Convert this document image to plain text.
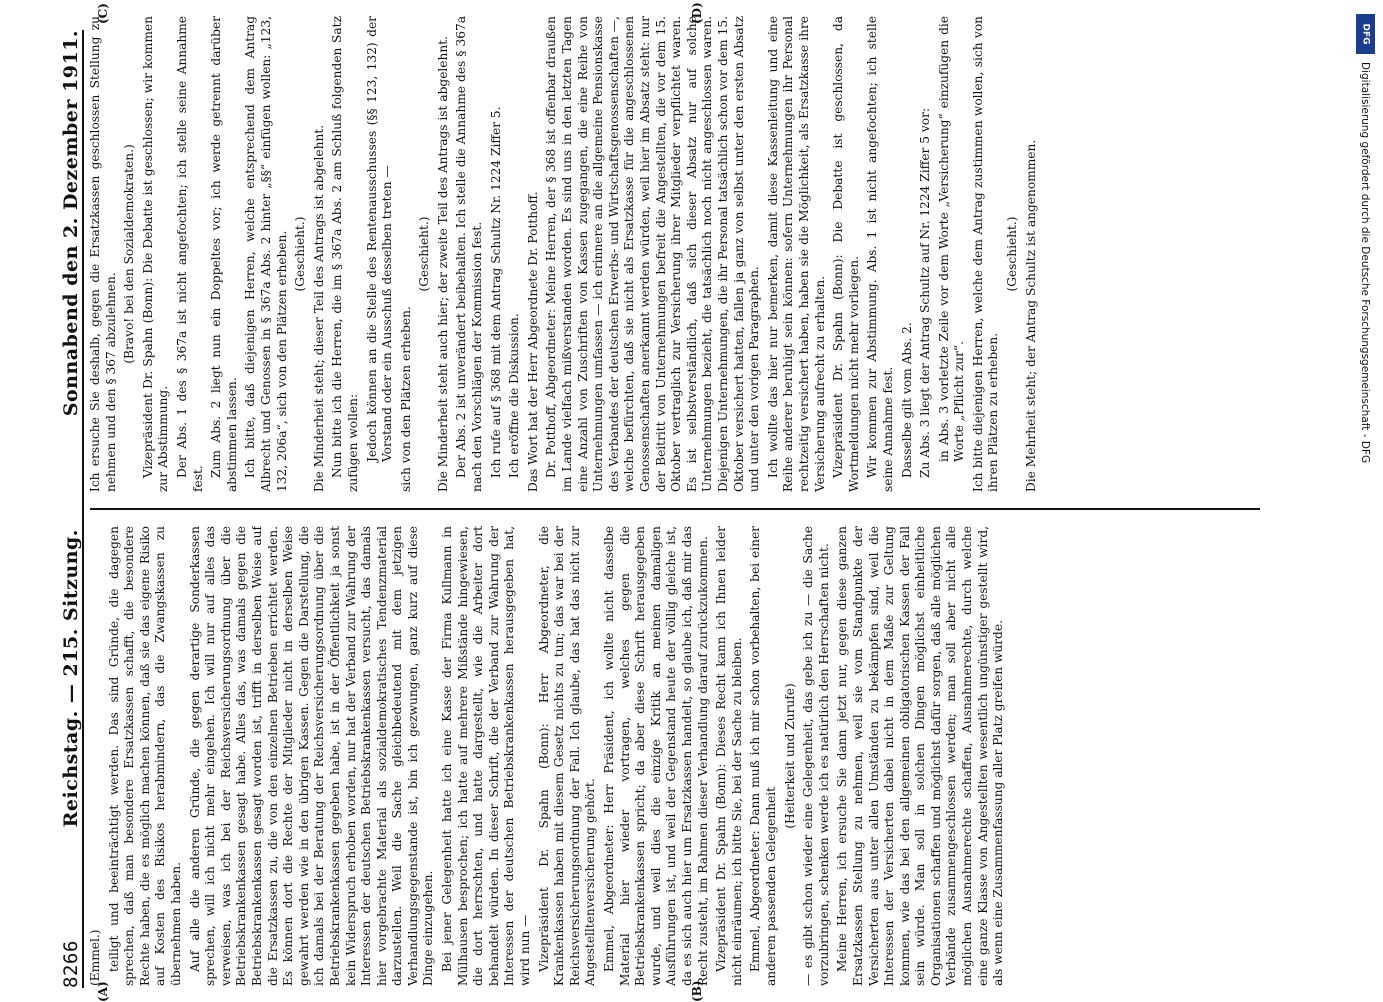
8266
Reichstag. — 215. Sitzung.
Sonnabend den 2. Dezember 1911.
(A)	(B)
(C)	(D)

(Emmel.) teiligt und beeinträchtigt werden. Das sind Gründe, die dagegen sprechen, daß man besondere Ersatzkassen schafft, die besondere Rechte haben, die es möglich machen können, daß sie das eigene Risiko auf Kosten des Risikos herabmindern, das die Zwangskassen zu übernehmen haben. Auf alle die anderen Gründe, die gegen derartige Sonderkassen sprechen, will ich nicht mehr eingehen. Ich will nur auf alles das verweisen, was ich bei der Reichsversicherungsordnung über die Betriebskrankenkassen gesagt habe. Alles das, was damals gegen die Betriebskrankenkassen gesagt worden ist, trifft in derselben Weise auf die Ersatzkassen zu, die von den einzelnen Betrieben errichtet werden. Es können dort die Rechte der Mitglieder nicht in derselben Weise gewahrt werden wie in den übrigen Kassen. Gegen die Darstellung, die ich damals bei der Beratung der Reichsversicherungsordnung über die Betriebskrankenkassen gegeben habe, ist in der Öffentlichkeit ja sonst kein Widerspruch erhoben worden, nur hat der Verband zur Wahrung der Interessen der deutschen Betriebskrankenkassen versucht, das damals hier vorgebrachte Material als sozialdemokratisches Tendenzmaterial darzustellen. Weil die Sache gleichbedeutend mit dem jetzigen Verhandlungsgegenstande ist, bin ich gezwungen, ganz kurz auf diese Dinge einzugehen. Bei jener Gelegenheit hatte ich eine Kasse der Firma Kullmann in Mülhausen besprochen; ich hatte auf mehrere Mißstände hingewiesen, die dort herrschten, und hatte dargestellt, wie die Arbeiter dort behandelt würden. In dieser Schrift, die der Verband zur Wahrung der Interessen der deutschen Betriebskrankenkassen herausgegeben hat, wird nun — Vizepräsident Dr. Spahn (Bonn): Herr Abgeordneter, die Krankenkassen haben mit diesem Gesetz nichts zu tun; das war bei der Reichsversicherungsordnung der Fall. Ich glaube, das hat das nicht zur Angestelltenversicherung gehört. Emmel, Abgeordneter: Herr Präsident, ich wollte nicht dasselbe Material hier wieder vortragen, welches gegen die Betriebskrankenkassen spricht; da aber diese Schrift herausgegeben wurde, und weil dies die einzige Kritik an meinen damaligen Ausführungen ist, und weil der Gegenstand heute der völlig gleiche ist, da es sich auch hier um Ersatzkassen handelt, so glaube ich, daß mir das Recht zusteht, im Rahmen dieser Verhandlung darauf zurückzukommen. Vizepräsident Dr. Spahn (Bonn): Dieses Recht kann ich Ihnen leider nicht einräumen; ich bitte Sie, bei der Sache zu bleiben. Emmel, Abgeordneter: Dann muß ich mir schon vorbehalten, bei einer anderen passenden Gelegenheit

(Heiterkeit und Zurufe) — es gibt schon wieder eine Gelegenheit, das gebe ich zu — die Sache vorzubringen, schenken werde ich es natürlich den Herrschaften nicht. Meine Herren, ich ersuche Sie dann jetzt nur, gegen diese ganzen Ersatzkassen Stellung zu nehmen, weil sie vom Standpunkte der Versicherten aus unter allen Umständen zu bekämpfen sind, weil die Interessen der Versicherten dabei nicht in dem Maße zur Geltung kommen, wie das bei den allgemeinen obligatorischen Kassen der Fall sein würde. Man soll in solchen Dingen möglichst einheitliche Organisationen schaffen und möglichst dafür sorgen, daß alle möglichen Verbände zusammengeschlossen werden; man soll aber nicht alle möglichen Ausnahmerechte schaffen, Ausnahmerechte, durch welche eine ganze Klasse von Angestellten wesentlich ungünstiger gestellt wird, als wenn eine Zusammenfassung aller Platz greifen würde.

Ich ersuche Sie deshalb, gegen die Ersatzkassen geschlossen Stellung zu nehmen und den § 367 abzulehnen.

(Bravo! bei den Sozialdemokraten.) Vizepräsident Dr. Spahn (Bonn): Die Debatte ist geschlossen; wir kommen zur Abstimmung. Der Abs. 1 des § 367a ist nicht angefochten; ich stelle seine Annahme fest.

Zum Abs. 2 liegt nun ein Doppeltes vor; ich werde getrennt darüber abstimmen lassen. Ich bitte, daß diejenigen Herren, welche entsprechend dem Antrag Albrecht und Genossen in § 367a Abs. 2 hinter „§§“ einfügen wollen: „123, 132, 206a“, sich von den Plätzen erheben. (Geschieht.) Die Minderheit steht; dieser Teil des Antrags ist abgelehnt. Nun bitte ich die Herren, die im § 367a Abs. 2 am Schluß folgenden Satz zufügen wollen: Jedoch können an die Stelle des Rentenausschusses (§§ 123, 132) der Vorstand oder ein Ausschuß desselben treten — sich von den Plätzen erheben.

(Geschieht.) Die Minderheit steht auch hier; der zweite Teil des Antrags ist abgelehnt. Der Abs. 2 ist unverändert beibehalten. Ich stelle die Annahme des § 367a nach den Vorschlägen der Kommission fest. Ich rufe auf § 368 mit dem Antrag Schultz Nr. 1224 Ziffer 5. Ich eröffne die Diskussion. Das Wort hat der Herr Abgeordnete Dr. Potthoff. Dr. Potthoff, Abgeordneter: Meine Herren, der § 368 ist offenbar draußen im Lande vielfach mißverstanden worden. Es sind uns in den letzten Tagen eine Anzahl von Zuschriften von Kassen zugegangen, die eine Reihe von Unternehmungen umfassen — ich erinnere an die allgemeine Pensionskasse des Verbandes der deutschen Erwerbs- und Wirtschaftsgenossenschaften —, welche befürchten, daß sie nicht als Ersatzkasse für die angeschlossenen Genossenschaften anerkannt werden würden, weil hier im Absatz steht: nur der Beitritt von Unternehmungen befreit die Angestellten, die vor dem 15. Oktober vertraglich zur Versicherung ihrer Mitglieder verpflichtet waren. Es ist selbstverständlich, daß sich dieser Absatz nur auf solche Unternehmungen bezieht, die tatsächlich noch nicht angeschlossen waren. Diejenigen Unternehmungen, die ihr Personal tatsächlich schon vor dem 15. Oktober versichert hatten, fallen ja ganz von selbst unter den ersten Absatz und unter den vorigen Paragraphen. Ich wollte das hier nur bemerken, damit diese Kassenleitung und eine Reihe anderer beruhigt sein können: sofern Unternehmungen ihr Personal rechtzeitig versichert haben, haben sie die Möglichkeit, als Ersatzkasse ihre Versicherung aufrecht zu erhalten. Vizepräsident Dr. Spahn (Bonn): Die Debatte ist geschlossen, da Wortmeldungen nicht mehr vorliegen. Wir kommen zur Abstimmung. Abs. 1 ist nicht angefochten; ich stelle seine Annahme fest. Dasselbe gilt vom Abs. 2. Zu Abs. 3 liegt der Antrag Schultz auf Nr. 1224 Ziffer 5 vor: in Abs. 3 vorletzte Zeile vor dem Worte „Versicherung“ einzufügen die Worte „Pflicht zur“. Ich bitte diejenigen Herren, welche dem Antrag zustimmen wollen, sich von ihren Plätzen zu erheben.

(Geschieht.) Die Mehrheit steht; der Antrag Schultz ist angenommen.

DFG
Digitalisierung gefördert durch die Deutsche Forschungsgemeinschaft - DFG
